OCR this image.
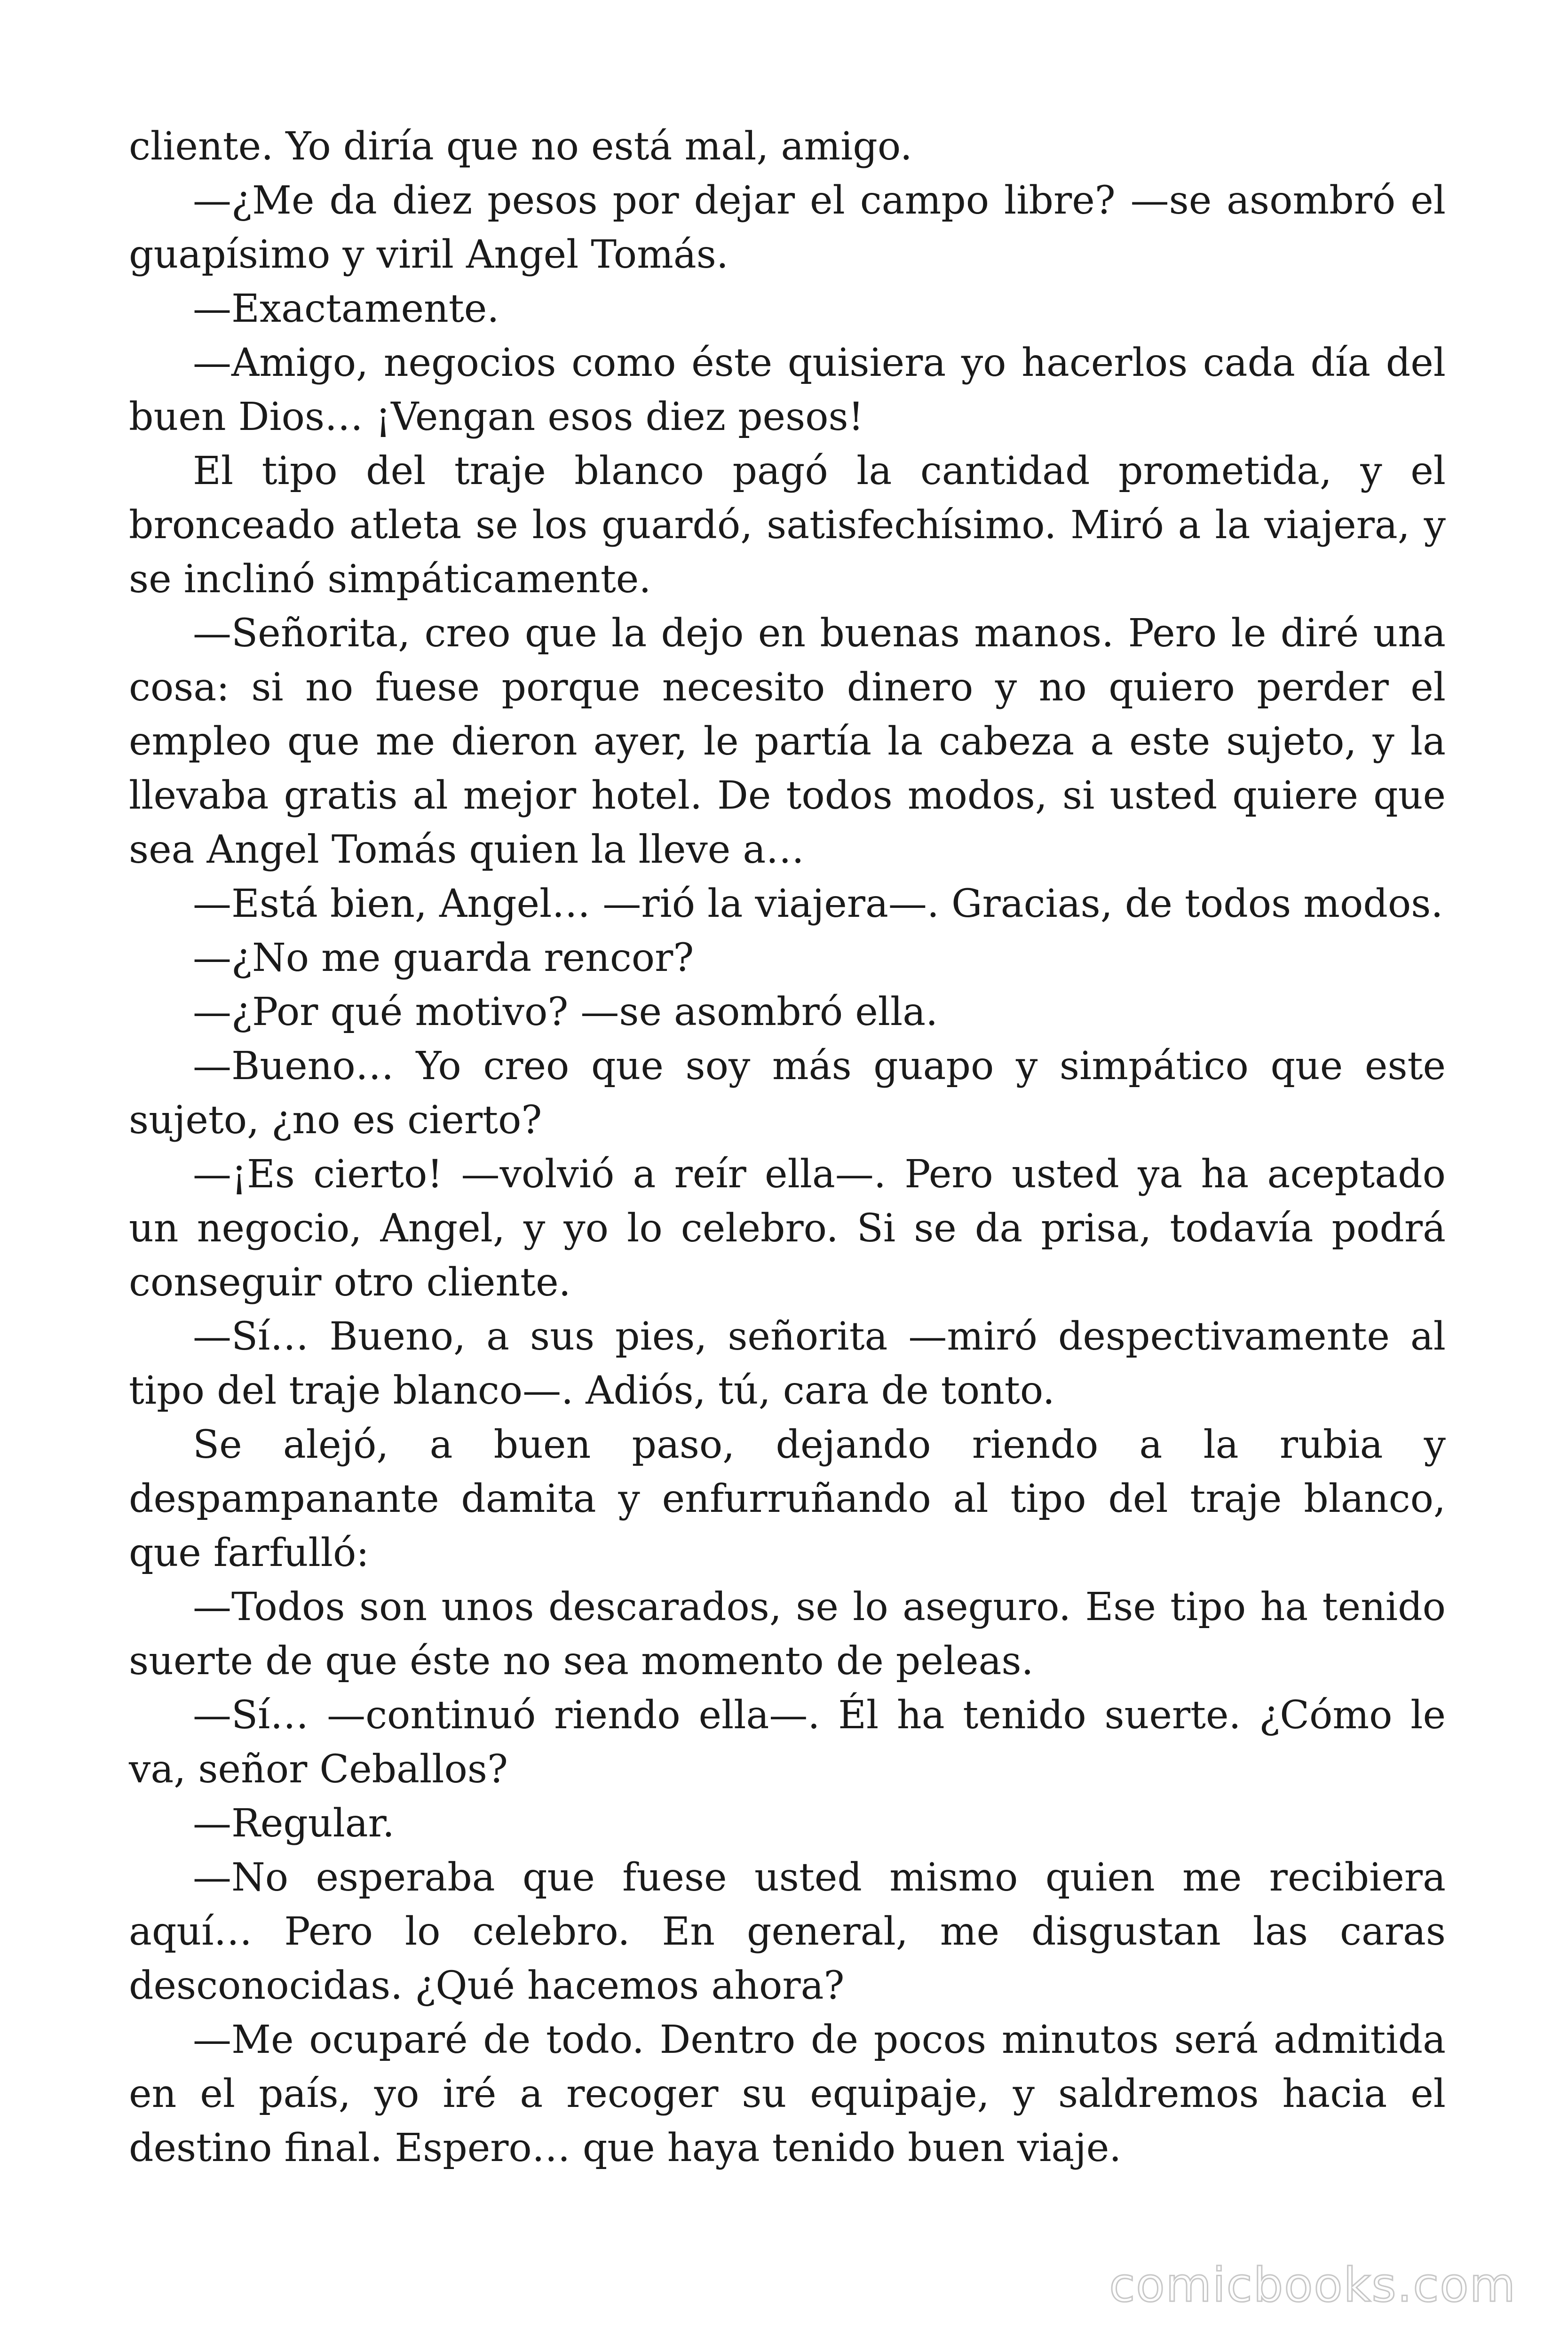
cliente. Yo diría que no está mal, amigo.

—¿Me da diez pesos por dejar el campo libre? —se asombró el guapísimo y viril Angel Tomás.

—Exactamente.

—Amigo, negocios como éste quisiera yo hacerlos cada día del buen Dios… ¡Vengan esos diez pesos!

El tipo del traje blanco pagó la cantidad prometida, y el bronceado atleta se los guardó, satisfechísimo. Miró a la viajera, y se inclinó simpáticamente.

—Señorita, creo que la dejo en buenas manos. Pero le diré una cosa: si no fuese porque necesito dinero y no quiero perder el empleo que me dieron ayer, le partía la cabeza a este sujeto, y la llevaba gratis al mejor hotel. De todos modos, si usted quiere que sea Angel Tomás quien la lleve a…

—Está bien, Angel… —rió la viajera—. Gracias, de todos modos.

—¿No me guarda rencor?

—¿Por qué motivo? —se asombró ella.

—Bueno… Yo creo que soy más guapo y simpático que este sujeto, ¿no es cierto?

—¡Es cierto! —volvió a reír ella—. Pero usted ya ha aceptado un negocio, Angel, y yo lo celebro. Si se da prisa, todavía podrá conseguir otro cliente.

—Sí… Bueno, a sus pies, señorita —miró despectivamente al tipo del traje blanco—. Adiós, tú, cara de tonto.

Se alejó, a buen paso, dejando riendo a la rubia y despampanante damita y enfurruñando al tipo del traje blanco, que farfulló:

—Todos son unos descarados, se lo aseguro. Ese tipo ha tenido suerte de que éste no sea momento de peleas.

—Sí… —continuó riendo ella—. Él ha tenido suerte. ¿Cómo le va, señor Ceballos?

—Regular.

—No esperaba que fuese usted mismo quien me recibiera aquí… Pero lo celebro. En general, me disgustan las caras desconocidas. ¿Qué hacemos ahora?

—Me ocuparé de todo. Dentro de pocos minutos será admitida en el país, yo iré a recoger su equipaje, y saldremos hacia el destino final. Espero… que haya tenido buen viaje.

comicbooks.com
